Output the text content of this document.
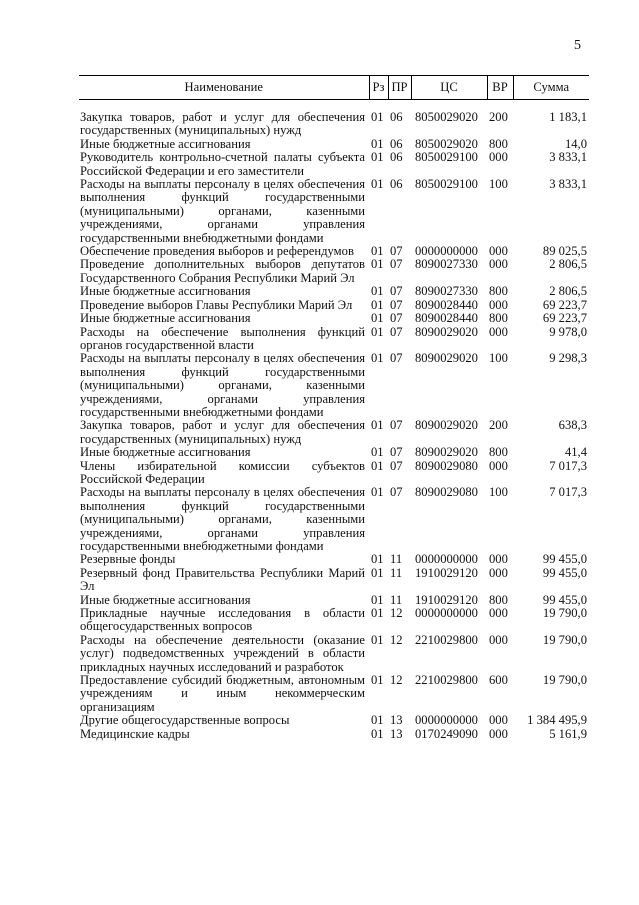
5
Наименование	Рз	ПР	ЦС	ВР	Сумма

Закупка товаров, работ и услуг для обеспечения государственных (муниципальных) нужд	01	06	8050029020	200	1 183,1
Иные бюджетные ассигнования	01	06	8050029020	800	14,0
Руководитель контрольно-счетной палаты субъекта Российской Федерации и его заместители	01	06	8050029100	000	3 833,1
Расходы на выплаты персоналу в целях обеспечения выполнения функций государственными (муниципальными) органами, казенными учреждениями, органами управления государственными внебюджетными фондами	01	06	8050029100	100	3 833,1
Обеспечение проведения выборов и референдумов	01	07	0000000000	000	89 025,5
Проведение дополнительных выборов депутатов Государственного Собрания Республики Марий Эл	01	07	8090027330	000	2 806,5
Иные бюджетные ассигнования	01	07	8090027330	800	2 806,5
Проведение выборов Главы Республики Марий Эл	01	07	8090028440	000	69 223,7
Иные бюджетные ассигнования	01	07	8090028440	800	69 223,7
Расходы на обеспечение выполнения функций органов государственной власти	01	07	8090029020	000	9 978,0
Расходы на выплаты персоналу в целях обеспечения выполнения функций государственными (муниципальными) органами, казенными учреждениями, органами управления государственными внебюджетными фондами	01	07	8090029020	100	9 298,3
Закупка товаров, работ и услуг для обеспечения государственных (муниципальных) нужд	01	07	8090029020	200	638,3
Иные бюджетные ассигнования	01	07	8090029020	800	41,4
Члены избирательной комиссии субъектов Российской Федерации	01	07	8090029080	000	7 017,3
Расходы на выплаты персоналу в целях обеспечения выполнения функций государственными (муниципальными) органами, казенными учреждениями, органами управления государственными внебюджетными фондами	01	07	8090029080	100	7 017,3
Резервные фонды	01	11	0000000000	000	99 455,0
Резервный фонд Правительства Республики Марий Эл	01	11	1910029120	000	99 455,0
Иные бюджетные ассигнования	01	11	1910029120	800	99 455,0
Прикладные научные исследования в области общегосударственных вопросов	01	12	0000000000	000	19 790,0
Расходы на обеспечение деятельности (оказание услуг) подведомственных учреждений в области прикладных научных исследований и разработок	01	12	2210029800	000	19 790,0
Предоставление субсидий бюджетным, автономным учреждениям и иным некоммерческим организациям	01	12	2210029800	600	19 790,0
Другие общегосударственные вопросы	01	13	0000000000	000	1 384 495,9
Медицинские кадры	01	13	0170249090	000	5 161,9
